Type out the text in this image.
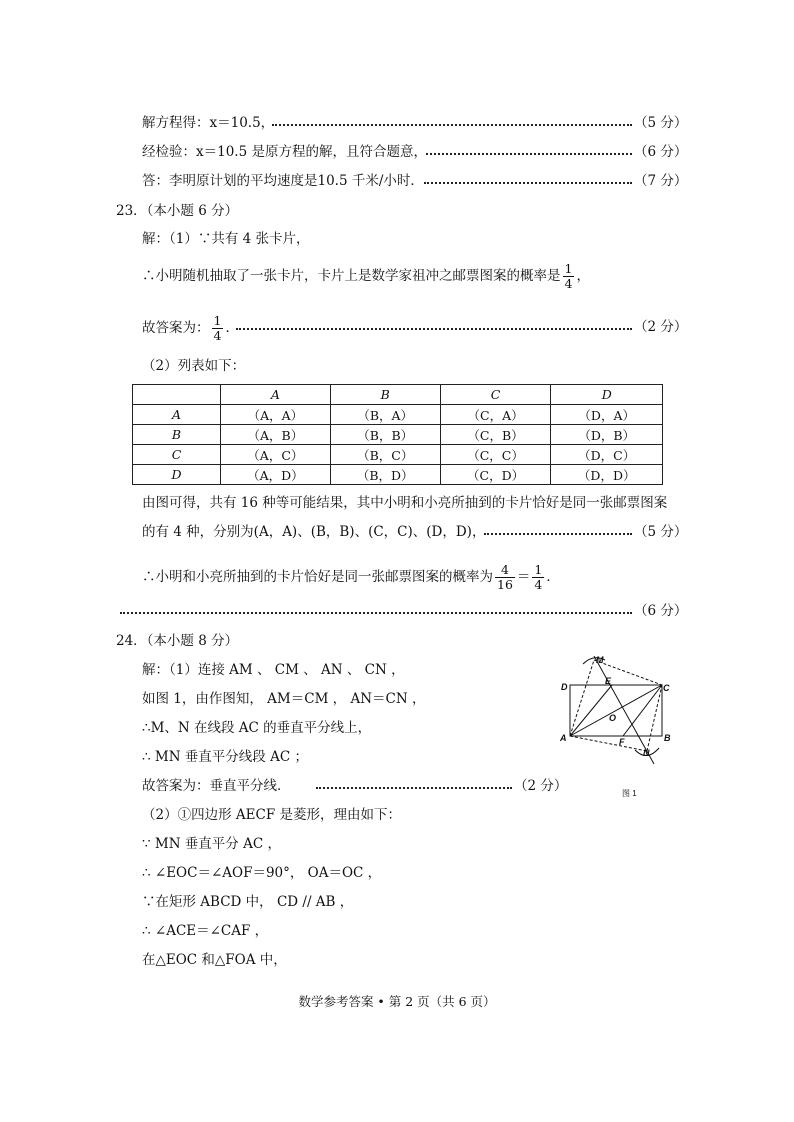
解方程得：x＝10.5，	（5 分）
经检验：x＝10.5 是原方程的解，且符合题意，	（6 分）
答：李明原计划的平均速度是10.5 千米/小时．	（7 分）
23．（本小题 6 分）
解：（1）∵共有 4 张卡片，
∴小明随机抽取了一张卡片，卡片上是数学家祖冲之邮票图案的概率是 $\frac{1}{4}$ ，
故答案为： $\frac{1}{4}$ ．	（2 分）
（2）列表如下：
	A	B	C	D
A	（A，A）	（B，A）	（C，A）	（D，A）
B	（A，B）	（B，B）	（C，B）	（D，B）
C	（A，C）	（B，C）	（C，C）	（D，C）
D	（A，D）	（B，D）	（C，D）	（D，D）
由图可得，共有 16 种等可能结果，其中小明和小亮所抽到的卡片恰好是同一张邮票图案
的有 4 种，分别为(A，A)、(B，B)、(C，C)、(D，D)，	（5 分）
∴小明和小亮所抽到的卡片恰好是同一张邮票图案的概率为 $\frac{4}{16} = \frac{1}{4}$ ．
（6 分）
24．（本小题 8 分）
解：（1）连接 AM 、 CM 、 AN 、 CN ，
如图 1，由作图知， AM＝CM ， AN＝CN ，
∴M、N 在线段 AC 的垂直平分线上，
∴ MN 垂直平分线段 AC ；
故答案为：垂直平分线．	（2 分）
（2）①四边形 AECF 是菱形，理由如下：
∵ MN 垂直平分 AC ，
∴ ∠EOC＝∠AOF＝90°， OA＝OC ，
∵在矩形 ABCD 中， CD // AB ，
∴ ∠ACE＝∠CAF ，
在△EOC 和△FOA 中，
M
D
E
C
O
A	F	B
N
图 1
数学参考答案 • 第 2 页（共 6 页）
